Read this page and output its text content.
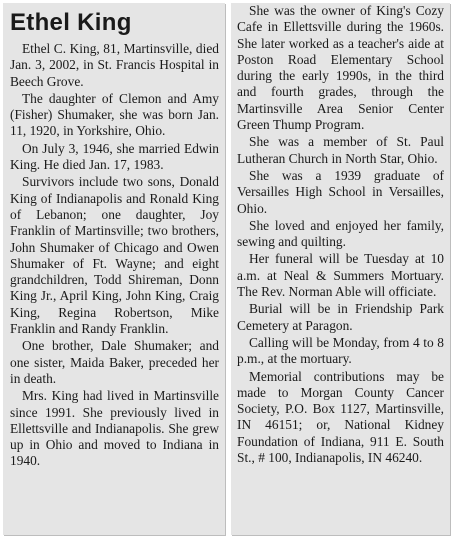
Ethel King

Ethel C. King, 81, Martinsville, died Jan. 3, 2002, in St. Francis Hospital in Beech Grove.

The daughter of Clemon and Amy (Fisher) Shumaker, she was born Jan. 11, 1920, in Yorkshire, Ohio.

On July 3, 1946, she married Edwin King. He died Jan. 17, 1983.

Survivors include two sons, Donald King of Indianapolis and Ronald King of Lebanon; one daughter, Joy Franklin of Martinsville; two brothers, John Shumaker of Chicago and Owen Shumaker of Ft. Wayne; and eight grandchildren, Todd Shireman, Donn King Jr., April King, John King, Craig King, Regina Robertson, Mike Franklin and Randy Franklin.

One brother, Dale Shumaker; and one sister, Maida Baker, preceded her in death.

Mrs. King had lived in Martinsville since 1991. She previously lived in Ellettsville and Indianapolis. She grew up in Ohio and moved to Indiana in 1940.

She was the owner of King's Cozy Cafe in Ellettsville during the 1960s. She later worked as a teacher's aide at Poston Road Elementary School during the early 1990s, in the third and fourth grades, through the Martinsville Area Senior Center Green Thump Program.

She was a member of St. Paul Lutheran Church in North Star, Ohio.

She was a 1939 graduate of Versailles High School in Versailles, Ohio.

She loved and enjoyed her family, sewing and quilting.

Her funeral will be Tuesday at 10 a.m. at Neal & Summers Mortuary. The Rev. Norman Able will officiate.

Burial will be in Friendship Park Cemetery at Paragon.

Calling will be Monday, from 4 to 8 p.m., at the mortuary.

Memorial contributions may be made to Morgan County Cancer Society, P.O. Box 1127, Martinsville, IN 46151; or, National Kidney Foundation of Indiana, 911 E. South St., # 100, Indianapolis, IN 46240.
